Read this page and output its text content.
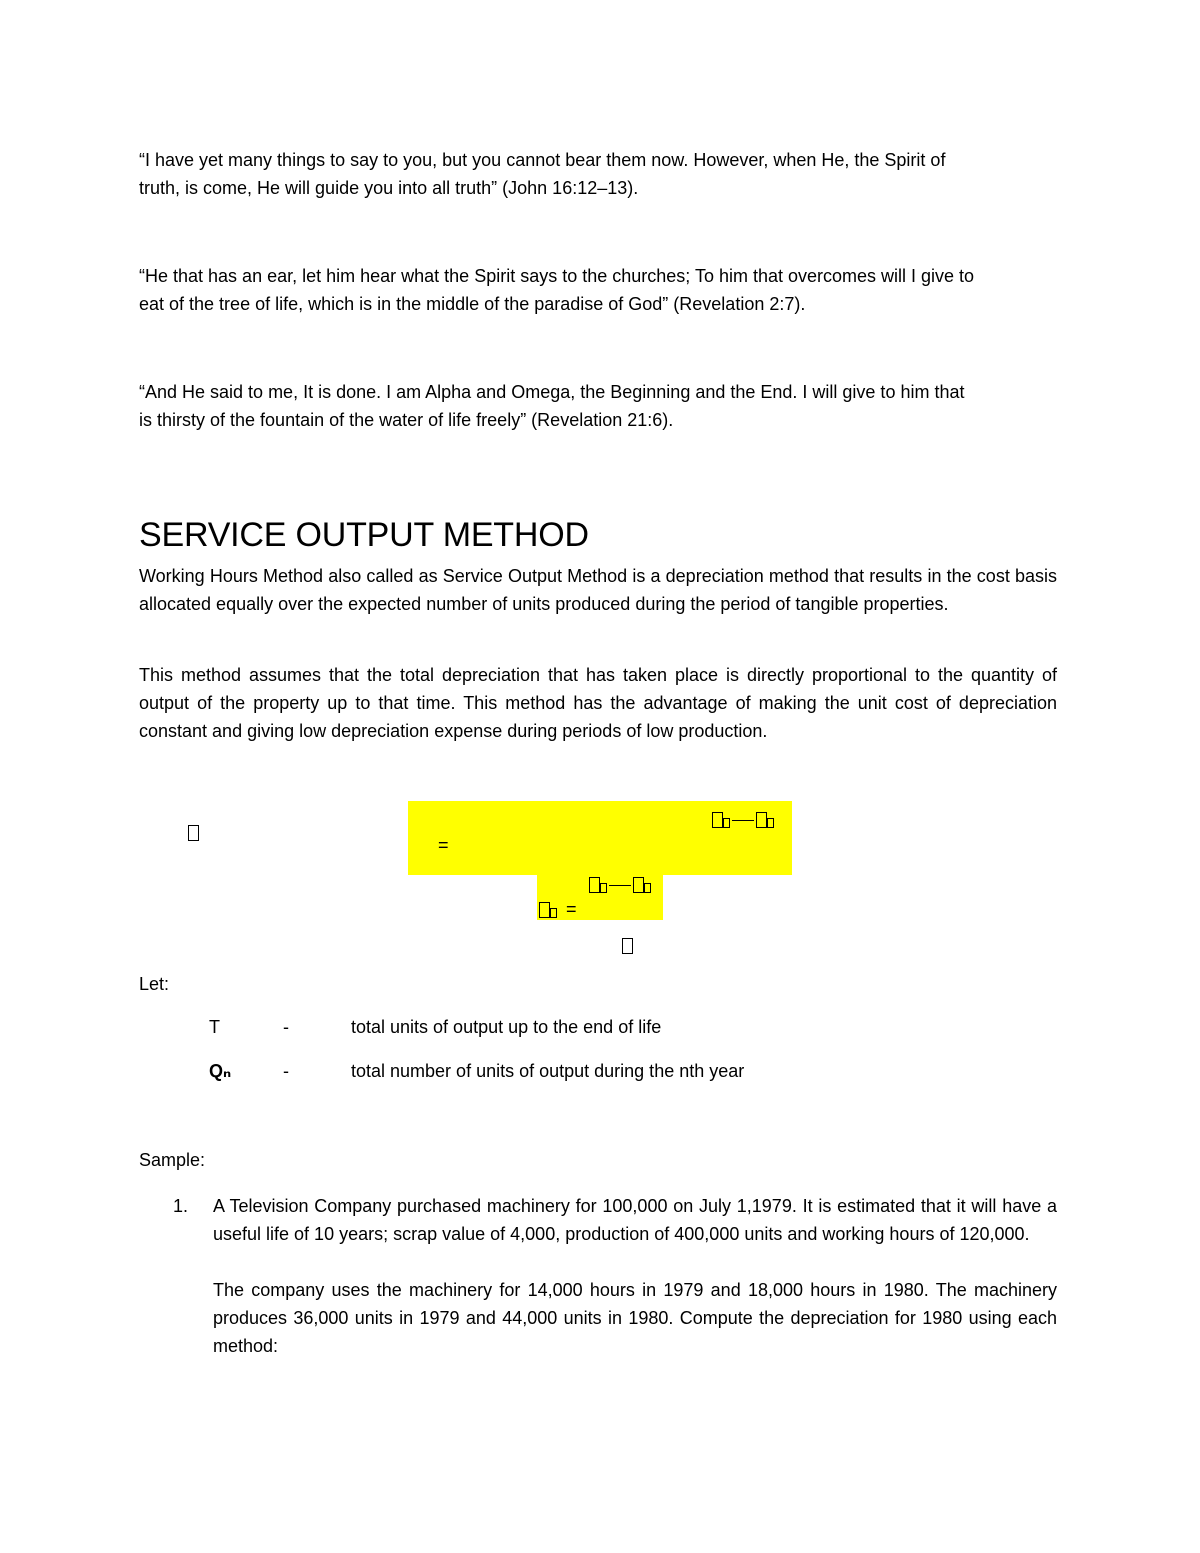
“I have yet many things to say to you, but you cannot bear them now. However, when He, the Spirit of
truth, is come, He will guide you into all truth” (John 16:12–13).
“He that has an ear, let him hear what the Spirit says to the churches; To him that overcomes will I give to
eat of the tree of life, which is in the middle of the paradise of God” (Revelation 2:7).
“And He said to me, It is done. I am Alpha and Omega, the Beginning and the End. I will give to him that
is thirsty of the fountain of the water of life freely” (Revelation 21:6).
SERVICE OUTPUT METHOD

Working Hours Method also called as Service Output Method is a depreciation method that results in the cost basis allocated equally over the expected number of units produced during the period of tangible properties.

This method assumes that the total depreciation that has taken place is directly proportional to the quantity of output of the property up to that time. This method has the advantage of making the unit cost of depreciation constant and giving low depreciation expense during periods of low production.

=
=
Let:
T	-	total units of output up to the end of life
Qₙ	-	total number of units of output during the nth year
Sample:
1. A Television Company purchased machinery for 100,000 on July 1,1979. It is estimated that it will have a useful life of 10 years; scrap value of 4,000, production of 400,000 units and working hours of 120,000.

The company uses the machinery for 14,000 hours in 1979 and 18,000 hours in 1980. The machinery produces 36,000 units in 1979 and 44,000 units in 1980. Compute the depreciation for 1980 using each method:
